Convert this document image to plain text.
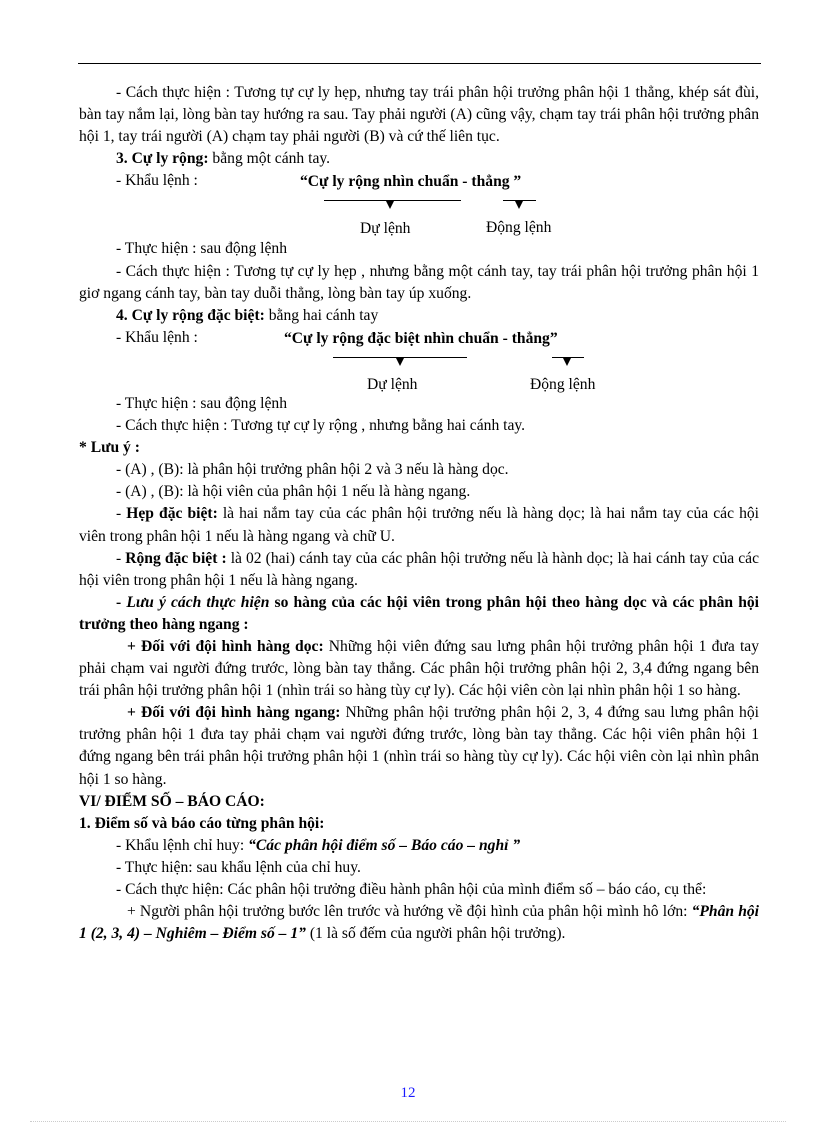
- Cách thực hiện : Tương tự cự ly hẹp, nhưng tay trái phân hội trưởng phân hội 1 thẳng, khép sát đùi, bàn tay nắm lại, lòng bàn tay hướng ra sau. Tay phải người (A) cũng vậy, chạm tay trái phân hội trưởng phân hội 1, tay trái người (A) chạm tay phải người (B) và cứ thế liên tục.

3. Cự ly rộng: bằng một cánh tay.

- Khẩu lệnh :	“Cự ly rộng nhìn chuẩn - thẳng ”
Dự lệnh	Động lệnh

- Thực hiện : sau động lệnh

- Cách thực hiện : Tương tự cự ly hẹp , nhưng bằng một cánh tay, tay trái phân hội trưởng phân hội 1 giơ ngang cánh tay, bàn tay duỗi thẳng, lòng bàn tay úp xuống.

4. Cự ly rộng đặc biệt: bằng hai cánh tay

- Khẩu lệnh :	“Cự ly rộng đặc biệt nhìn chuẩn - thẳng”
Dự lệnh	Động lệnh

- Thực hiện : sau động lệnh

- Cách thực hiện : Tương tự cự ly rộng , nhưng bằng hai cánh tay.

* Lưu ý :

- (A) , (B): là phân hội trưởng phân hội 2 và 3 nếu là hàng dọc.

- (A) , (B): là hội viên của phân hội 1 nếu là hàng ngang.

- Hẹp đặc biệt: là hai nắm tay của các phân hội trưởng nếu là hàng dọc; là hai nắm tay của các hội viên trong phân hội 1 nếu là hàng ngang và chữ U.

- Rộng đặc biệt : là 02 (hai) cánh tay của các phân hội trưởng nếu là hành dọc; là hai cánh tay của các hội viên trong phân hội 1 nếu là hàng ngang.

- Lưu ý cách thực hiện so hàng của các hội viên trong phân hội theo hàng dọc và các phân hội trưởng theo hàng ngang :

+ Đối với đội hình hàng dọc: Những hội viên đứng sau lưng phân hội trưởng phân hội 1 đưa tay phải chạm vai người đứng trước, lòng bàn tay thẳng. Các phân hội trưởng phân hội 2, 3,4 đứng ngang bên trái phân hội trưởng phân hội 1 (nhìn trái so hàng tùy cự ly). Các hội viên còn lại nhìn phân hội 1 so hàng.

+ Đối với đội hình hàng ngang: Những phân hội trưởng phân hội 2, 3, 4 đứng sau lưng phân hội trưởng phân hội 1 đưa tay phải chạm vai người đứng trước, lòng bàn tay thẳng. Các hội viên phân hội 1 đứng ngang bên trái phân hội trưởng phân hội 1 (nhìn trái so hàng tùy cự ly). Các hội viên còn lại nhìn phân hội 1 so hàng.

VI/ ĐIỂM SỐ – BÁO CÁO:

1. Điểm số và báo cáo từng phân hội:

- Khẩu lệnh chỉ huy: “Các phân hội điểm số – Báo cáo – nghỉ ”

- Thực hiện: sau khẩu lệnh của chỉ huy.

- Cách thực hiện: Các phân hội trưởng điều hành phân hội của mình điểm số – báo cáo, cụ thể:

+ Người phân hội trưởng bước lên trước và hướng về đội hình của phân hội mình hô lớn: “Phân hội 1 (2, 3, 4) – Nghiêm – Điểm số – 1” (1 là số đếm của người phân hội trưởng).

12
